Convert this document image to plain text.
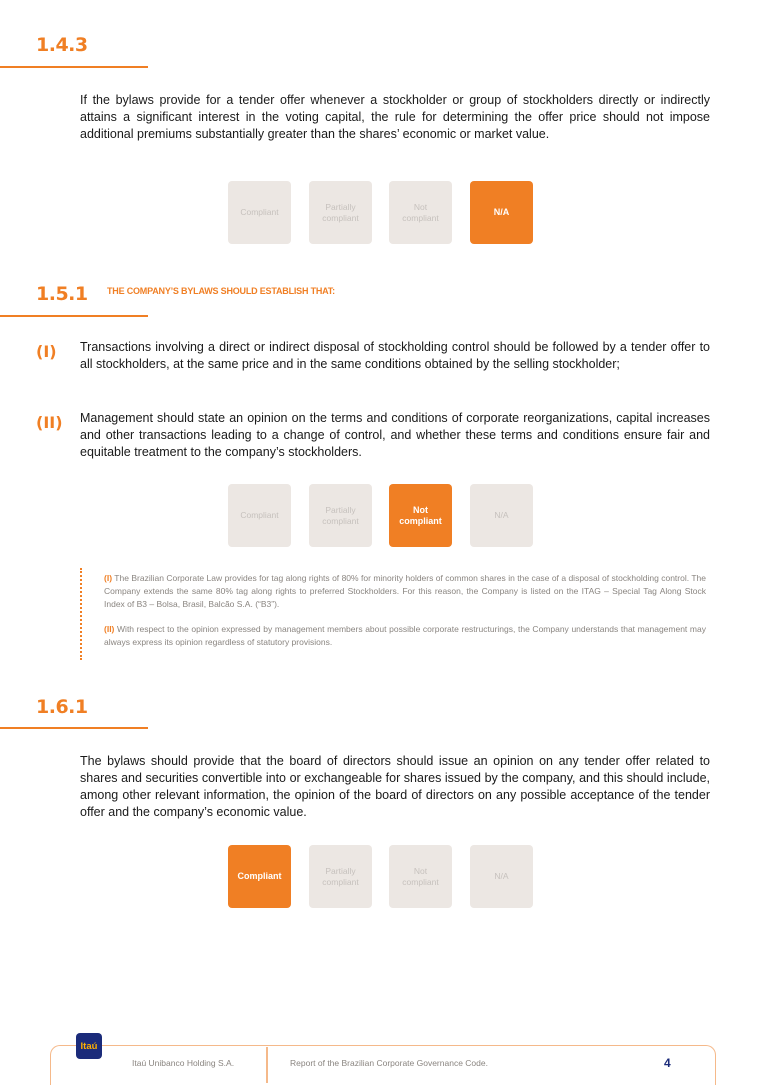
1.4.3
If the bylaws provide for a tender offer whenever a stockholder or group of stockholders directly or indirectly attains a significant interest in the voting capital, the rule for determining the offer price should not impose additional premiums substantially greater than the shares’ economic or market value.
Compliant
Partially
compliant
Not
compliant
N/A
1.5.1 THE COMPANY’S BYLAWS SHOULD ESTABLISH THAT:
(I) Transactions involving a direct or indirect disposal of stockholding control should be followed by a tender offer to all stockholders, at the same price and in the same conditions obtained by the selling stockholder;
(II) Management should state an opinion on the terms and conditions of corporate reorganizations, capital increases and other transactions leading to a change of control, and whether these terms and conditions ensure fair and equitable treatment to the company’s stockholders.
Compliant
Partially
compliant
Not
compliant
N/A

(I) The Brazilian Corporate Law provides for tag along rights of 80% for minority holders of common shares in the case of a disposal of stockholding control. The Company extends the same 80% tag along rights to preferred Stockholders. For this reason, the Company is listed on the ITAG – Special Tag Along Stock Index of B3 – Bolsa, Brasil, Balcão S.A. (“B3”).

(II) With respect to the opinion expressed by management members about possible corporate restructurings, the Company understands that management may always express its opinion regardless of statutory provisions.

1.6.1
The bylaws should provide that the board of directors should issue an opinion on any tender offer related to shares and securities convertible into or exchangeable for shares issued by the company, and this should include, among other relevant information, the opinion of the board of directors on any possible acceptance of the tender offer and the company’s economic value.
Compliant
Partially
compliant
Not
compliant
N/A
Itaú
Itaú Unibanco Holding S.A.	Report of the Brazilian Corporate Governance Code.	4
